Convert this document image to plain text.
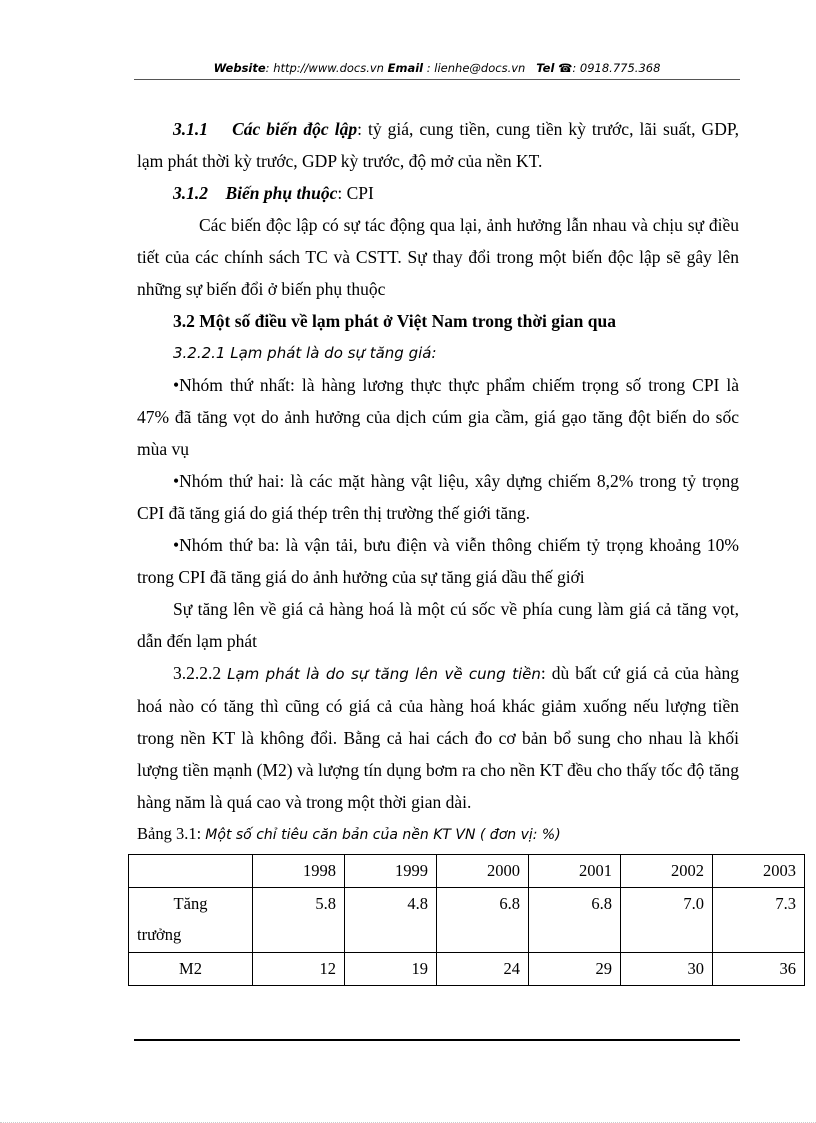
Website: http://www.docs.vn Email : lienhe@docs.vn Tel ☎: 0918.775.368

3.1.1 Các biến độc lập: tỷ giá, cung tiền, cung tiền kỳ trước, lãi suất, GDP, lạm phát thời kỳ trước, GDP kỳ trước, độ mở của nền KT.

3.1.2 Biến phụ thuộc: CPI

Các biến độc lập có sự tác động qua lại, ảnh hưởng lẫn nhau và chịu sự điều tiết của các chính sách TC và CSTT. Sự thay đổi trong một biến độc lập sẽ gây lên những sự biến đổi ở biến phụ thuộc

3.2 Một số điều về lạm phát ở Việt Nam trong thời gian qua

3.2.2.1 Lạm phát là do sự tăng giá:

•Nhóm thứ nhất: là hàng lương thực thực phẩm chiếm trọng số trong CPI là 47% đã tăng vọt do ảnh hưởng của dịch cúm gia cầm, giá gạo tăng đột biến do sốc mùa vụ

•Nhóm thứ hai: là các mặt hàng vật liệu, xây dựng chiếm 8,2% trong tỷ trọng CPI đã tăng giá do giá thép trên thị trường thế giới tăng.

•Nhóm thứ ba: là vận tải, bưu điện và viễn thông chiếm tỷ trọng khoảng 10% trong CPI đã tăng giá do ảnh hưởng của sự tăng giá dầu thế giới

Sự tăng lên về giá cả hàng hoá là một cú sốc về phía cung làm giá cả tăng vọt, dẫn đến lạm phát

3.2.2.2 Lạm phát là do sự tăng lên về cung tiền: dù bất cứ giá cả của hàng hoá nào có tăng thì cũng có giá cả của hàng hoá khác giảm xuống nếu lượng tiền trong nền KT là không đổi. Bằng cả hai cách đo cơ bản bổ sung cho nhau là khối lượng tiền mạnh (M2) và lượng tín dụng bơm ra cho nền KT đều cho thấy tốc độ tăng hàng năm là quá cao và trong một thời gian dài.

Bảng 3.1: Một số chỉ tiêu căn bản của nền KT VN ( đơn vị: %)

	1998	1999	2000	2001	2002	2003

Tăng
trưởng	5.8	4.8	6.8	6.8	7.0	7.3

M2	12	19	24	29	30	36
